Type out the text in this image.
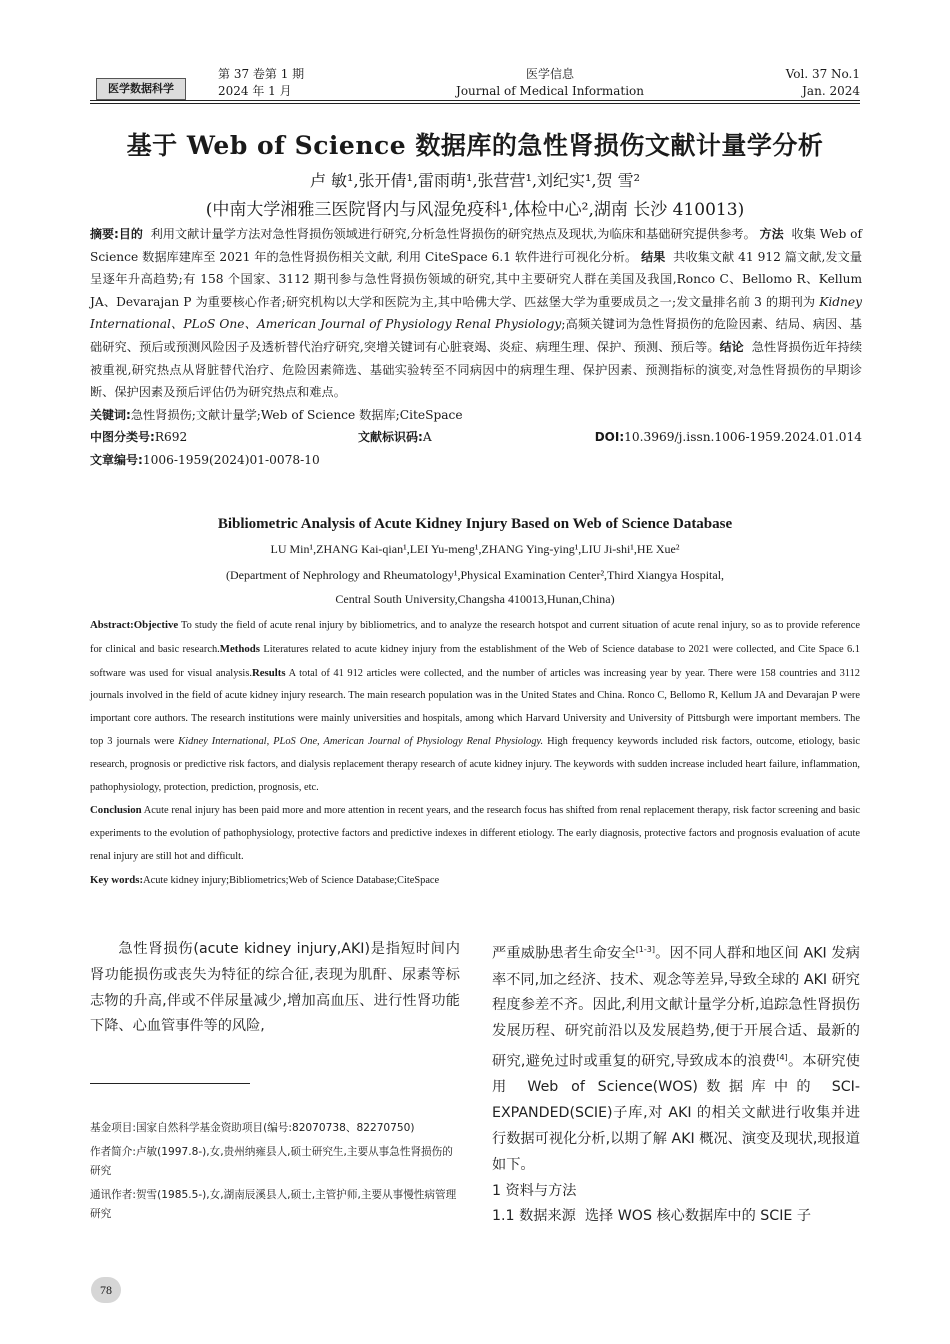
医学数据科学
第 37 卷第 1 期
2024 年 1 月
医学信息
Journal of Medical Information
Vol. 37 No.1
Jan. 2024
基于 Web of Science 数据库的急性肾损伤文献计量学分析
卢 敏¹,张开倩¹,雷雨萌¹,张营营¹,刘纪实¹,贺 雪²
(中南大学湘雅三医院肾内与风湿免疫科¹,体检中心²,湖南 长沙 410013)
摘要:目的 利用文献计量学方法对急性肾损伤领域进行研究,分析急性肾损伤的研究热点及现状,为临床和基础研究提供参考。 方法 收集 Web of Science 数据库建库至 2021 年的急性肾损伤相关文献, 利用 CiteSpace 6.1 软件进行可视化分析。 结果 共收集文献 41 912 篇文献,发文量呈逐年升高趋势;有 158 个国家、3112 期刊参与急性肾损伤领域的研究,其中主要研究人群在美国及我国,Ronco C、Bellomo R、Kellum JA、Devarajan P 为重要核心作者;研究机构以大学和医院为主,其中哈佛大学、匹兹堡大学为重要成员之一;发文量排名前 3 的期刊为 Kidney International、PLoS One、American Journal of Physiology Renal Physiology;高频关键词为急性肾损伤的危险因素、结局、病因、基础研究、预后或预测风险因子及透析替代治疗研究,突增关键词有心脏衰竭、炎症、病理生理、保护、预测、预后等。结论 急性肾损伤近年持续被重视,研究热点从肾脏替代治疗、危险因素筛选、基础实验转至不同病因中的病理生理、保护因素、预测指标的演变,对急性肾损伤的早期诊断、保护因素及预后评估仍为研究热点和难点。
关键词:急性肾损伤;文献计量学;Web of Science 数据库;CiteSpace
中图分类号:R692	文献标识码:A	DOI:10.3969/j.issn.1006-1959.2024.01.014
文章编号:1006-1959(2024)01-0078-10
Bibliometric Analysis of Acute Kidney Injury Based on Web of Science Database
LU Min¹,ZHANG Kai-qian¹,LEI Yu-meng¹,ZHANG Ying-ying¹,LIU Ji-shi¹,HE Xue²
(Department of Nephrology and Rheumatology¹,Physical Examination Center²,Third Xiangya Hospital,
Central South University,Changsha 410013,Hunan,China)
Abstract:Objective To study the field of acute renal injury by bibliometrics, and to analyze the research hotspot and current situation of acute renal injury, so as to provide reference for clinical and basic research.Methods Literatures related to acute kidney injury from the establishment of the Web of Science database to 2021 were collected, and Cite Space 6.1 software was used for visual analysis.Results A total of 41 912 articles were collected, and the number of articles was increasing year by year. There were 158 countries and 3112 journals involved in the field of acute kidney injury research. The main research population was in the United States and China. Ronco C, Bellomo R, Kellum JA and Devarajan P were important core authors. The research institutions were mainly universities and hospitals, among which Harvard University and University of Pittsburgh were important members. The top 3 journals were Kidney International, PLoS One, American Journal of Physiology Renal Physiology. High frequency keywords included risk factors, outcome, etiology, basic research, prognosis or predictive risk factors, and dialysis replacement therapy research of acute kidney injury. The keywords with sudden increase included heart failure, inflammation, pathophysiology, protection, prediction, prognosis, etc.
Conclusion Acute renal injury has been paid more and more attention in recent years, and the research focus has shifted from renal replacement therapy, risk factor screening and basic experiments to the evolution of pathophysiology, protective factors and predictive indexes in different etiology. The early diagnosis, protective factors and prognosis evaluation of acute renal injury are still hot and difficult.
Key words:Acute kidney injury;Bibliometrics;Web of Science Database;CiteSpace
急性肾损伤(acute kidney injury,AKI)是指短时间内肾功能损伤或丧失为特征的综合征,表现为肌酐、尿素等标志物的升高,伴或不伴尿量减少,增加高血压、进行性肾功能下降、心血管事件等的风险,
严重威胁患者生命安全[1-3]。因不同人群和地区间 AKI 发病率不同,加之经济、技术、观念等差异,导致全球的 AKI 研究程度参差不齐。因此,利用文献计量学分析,追踪急性肾损伤发展历程、研究前沿以及发展趋势,便于开展合适、最新的研究,避免过时或重复的研究,导致成本的浪费[4]。本研究使用 Web of Science(WOS)数据库中的 SCI-EXPANDED(SCIE)子库,对 AKI 的相关文献进行收集并进行数据可视化分析,以期了解 AKI 概况、演变及现状,现报道如下。
1 资料与方法
1.1 数据来源 选择 WOS 核心数据库中的 SCIE 子

基金项目:国家自然科学基金资助项目(编号:82070738、82270750)

作者简介:卢敏(1997.8-),女,贵州纳雍县人,硕士研究生,主要从事急性肾损伤的研究

通讯作者:贺雪(1985.5-),女,湖南辰溪县人,硕士,主管护师,主要从事慢性病管理研究

78
